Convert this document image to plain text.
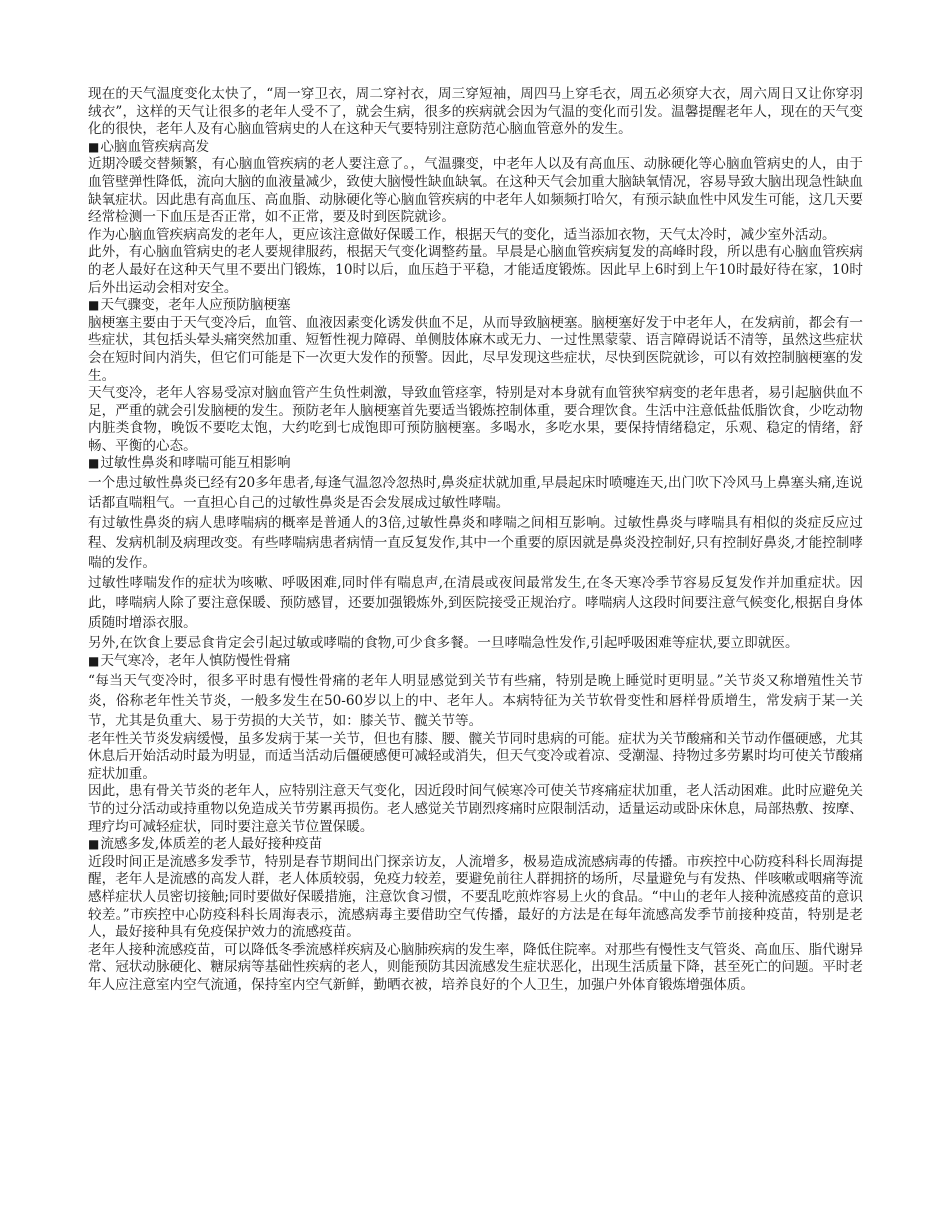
现在的天气温度变化太快了，“周一穿卫衣，周二穿衬衣，周三穿短袖，周四马上穿毛衣，周五必须穿大衣，周六周日又让你穿羽绒衣”，这样的天气让很多的老年人受不了，就会生病，很多的疾病就会因为气温的变化而引发。温馨提醒老年人，现在的天气变化的很快，老年人及有心脑血管病史的人在这种天气要特别注意防范心脑血管意外的发生。

■ 心脑血管疾病高发

近期冷暖交替频繁，有心脑血管疾病的老人要注意了。，气温骤变，中老年人以及有高血压、动脉硬化等心脑血管病史的人，由于血管壁弹性降低，流向大脑的血液量减少，致使大脑慢性缺血缺氧。在这种天气会加重大脑缺氧情况，容易导致大脑出现急性缺血缺氧症状。因此患有高血压、高血脂、动脉硬化等心脑血管疾病的中老年人如频频打哈欠，有预示缺血性中风发生可能，这几天要经常检测一下血压是否正常，如不正常，要及时到医院就诊。

作为心脑血管疾病高发的老年人，更应该注意做好保暖工作，根据天气的变化，适当添加衣物，天气太冷时，减少室外活动。

此外，有心脑血管病史的老人要规律服药，根据天气变化调整药量。早晨是心脑血管疾病复发的高峰时段，所以患有心脑血管疾病的老人最好在这种天气里不要出门锻炼，10时以后，血压趋于平稳，才能适度锻炼。因此早上6时到上午10时最好待在家，10时后外出运动会相对安全。

■ 天气骤变，老年人应预防脑梗塞

脑梗塞主要由于天气变冷后，血管、血液因素变化诱发供血不足，从而导致脑梗塞。脑梗塞好发于中老年人，在发病前，都会有一些症状，其包括头晕头痛突然加重、短暂性视力障碍、单侧肢体麻木或无力、一过性黑蒙蒙、语言障碍说话不清等，虽然这些症状会在短时间内消失，但它们可能是下一次更大发作的预警。因此，尽早发现这些症状，尽快到医院就诊，可以有效控制脑梗塞的发生。

天气变冷，老年人容易受凉对脑血管产生负性刺激，导致血管痉挛，特别是对本身就有血管狭窄病变的老年患者，易引起脑供血不足，严重的就会引发脑梗的发生。预防老年人脑梗塞首先要适当锻炼控制体重，要合理饮食。生活中注意低盐低脂饮食，少吃动物内脏类食物，晚饭不要吃太饱，大约吃到七成饱即可预防脑梗塞。多喝水，多吃水果，要保持情绪稳定，乐观、稳定的情绪，舒畅、平衡的心态。

■ 过敏性鼻炎和哮喘可能互相影响

一个患过敏性鼻炎已经有20多年患者,每逢气温忽冷忽热时,鼻炎症状就加重,早晨起床时喷嚏连天,出门吹下冷风马上鼻塞头痛,连说话都直喘粗气。一直担心自己的过敏性鼻炎是否会发展成过敏性哮喘。

有过敏性鼻炎的病人患哮喘病的概率是普通人的3倍,过敏性鼻炎和哮喘之间相互影响。过敏性鼻炎与哮喘具有相似的炎症反应过程、发病机制及病理改变。有些哮喘病患者病情一直反复发作,其中一个重要的原因就是鼻炎没控制好,只有控制好鼻炎,才能控制哮喘的发作。

过敏性哮喘发作的症状为咳嗽、呼吸困难,同时伴有喘息声,在清晨或夜间最常发生,在冬天寒冷季节容易反复发作并加重症状。因此，哮喘病人除了要注意保暖、预防感冒，还要加强锻炼外,到医院接受正规治疗。哮喘病人这段时间要注意气候变化,根据自身体质随时增添衣服。

另外,在饮食上要忌食肯定会引起过敏或哮喘的食物,可少食多餐。一旦哮喘急性发作,引起呼吸困难等症状,要立即就医。

■ 天气寒冷，老年人慎防慢性骨痛

“每当天气变冷时，很多平时患有慢性骨痛的老年人明显感觉到关节有些痛，特别是晚上睡觉时更明显。”关节炎又称增殖性关节炎，俗称老年性关节炎，一般多发生在50-60岁以上的中、老年人。本病特征为关节软骨变性和唇样骨质增生，常发病于某一关节，尤其是负重大、易于劳损的大关节，如：膝关节、髋关节等。

老年性关节炎发病缓慢，虽多发病于某一关节，但也有膝、腰、髋关节同时患病的可能。症状为关节酸痛和关节动作僵硬感，尤其休息后开始活动时最为明显，而适当活动后僵硬感便可减轻或消失，但天气变冷或着凉、受潮湿、持物过多劳累时均可使关节酸痛症状加重。

因此，患有骨关节炎的老年人，应特别注意天气变化，因近段时间气候寒冷可使关节疼痛症状加重，老人活动困难。此时应避免关节的过分活动或持重物以免造成关节劳累再损伤。老人感觉关节剧烈疼痛时应限制活动，适量运动或卧床休息，局部热敷、按摩、理疗均可减轻症状，同时要注意关节位置保暖。

■ 流感多发,体质差的老人最好接种疫苗

近段时间正是流感多发季节，特别是春节期间出门探亲访友，人流增多，极易造成流感病毒的传播。市疾控中心防疫科科长周海提醒，老年人是流感的高发人群，老人体质较弱，免疫力较差，要避免前往人群拥挤的场所，尽量避免与有发热、伴咳嗽或咽痛等流感样症状人员密切接触;同时要做好保暖措施，注意饮食习惯，不要乱吃煎炸容易上火的食品。“中山的老年人接种流感疫苗的意识较差。”市疾控中心防疫科科长周海表示，流感病毒主要借助空气传播，最好的方法是在每年流感高发季节前接种疫苗，特别是老人，最好接种具有免疫保护效力的流感疫苗。

老年人接种流感疫苗，可以降低冬季流感样疾病及心脑肺疾病的发生率，降低住院率。对那些有慢性支气管炎、高血压、脂代谢异常、冠状动脉硬化、糖尿病等基础性疾病的老人，则能预防其因流感发生症状恶化，出现生活质量下降，甚至死亡的问题。平时老年人应注意室内空气流通，保持室内空气新鲜，勤晒衣被，培养良好的个人卫生，加强户外体育锻炼增强体质。
